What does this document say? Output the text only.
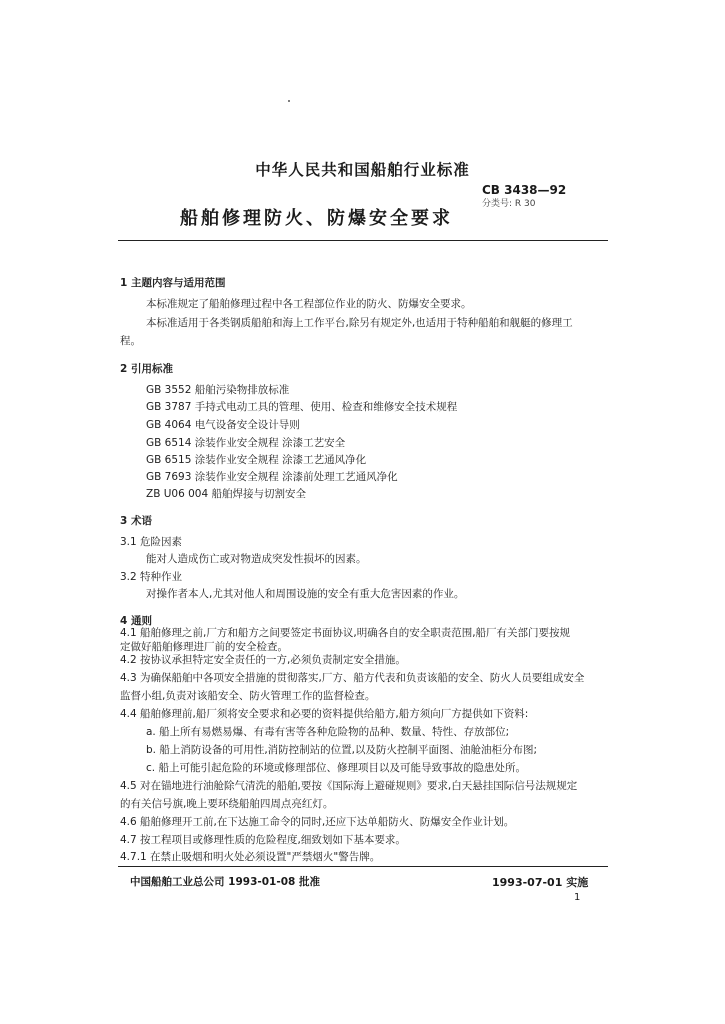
中华人民共和国船舶行业标准
CB 3438—92
分类号: R 30
船舶修理防火、防爆安全要求
1 主题内容与适用范围
本标准规定了船舶修理过程中各工程部位作业的防火、防爆安全要求。
本标准适用于各类钢质船舶和海上工作平台,除另有规定外,也适用于特种船舶和舰艇的修理工
程。
2 引用标准
GB 3552 船舶污染物排放标准
GB 3787 手持式电动工具的管理、使用、检查和维修安全技术规程
GB 4064 电气设备安全设计导则
GB 6514 涂装作业安全规程 涂漆工艺安全
GB 6515 涂装作业安全规程 涂漆工艺通风净化
GB 7693 涂装作业安全规程 涂漆前处理工艺通风净化
ZB U06 004 船舶焊接与切割安全
3 术语
3.1 危险因素
能对人造成伤亡或对物造成突发性损坏的因素。
3.2 特种作业
对操作者本人,尤其对他人和周围设施的安全有重大危害因素的作业。
4 通则
4.1 船舶修理之前,厂方和船方之间要签定书面协议,明确各自的安全职责范围,船厂有关部门要按规
定做好船舶修理进厂前的安全检查。
4.2 按协议承担特定安全责任的一方,必须负责制定安全措施。
4.3 为确保船舶中各项安全措施的贯彻落实,厂方、船方代表和负责该船的安全、防火人员要组成安全
监督小组,负责对该船安全、防火管理工作的监督检查。
4.4 船舶修理前,船厂须将安全要求和必要的资料提供给船方,船方须向厂方提供如下资料:
a. 船上所有易燃易爆、有毒有害等各种危险物的品种、数量、特性、存放部位;
b. 船上消防设备的可用性,消防控制站的位置,以及防火控制平面图、油舱油柜分布图;
c. 船上可能引起危险的环境或修理部位、修理项目以及可能导致事故的隐患处所。
4.5 对在锚地进行油舱除气清洗的船舶,要按《国际海上避碰规则》要求,白天悬挂国际信号法规规定
的有关信号旗,晚上要环绕船舶四周点亮红灯。
4.6 船舶修理开工前,在下达施工命令的同时,还应下达单船防火、防爆安全作业计划。
4.7 按工程项目或修理性质的危险程度,细致划如下基本要求。
中国船舶工业总公司 1993-01-08 批准	1993-07-01 实施
1
4.7.1 在禁止吸烟和明火处必须设置"严禁烟火"警告牌。
